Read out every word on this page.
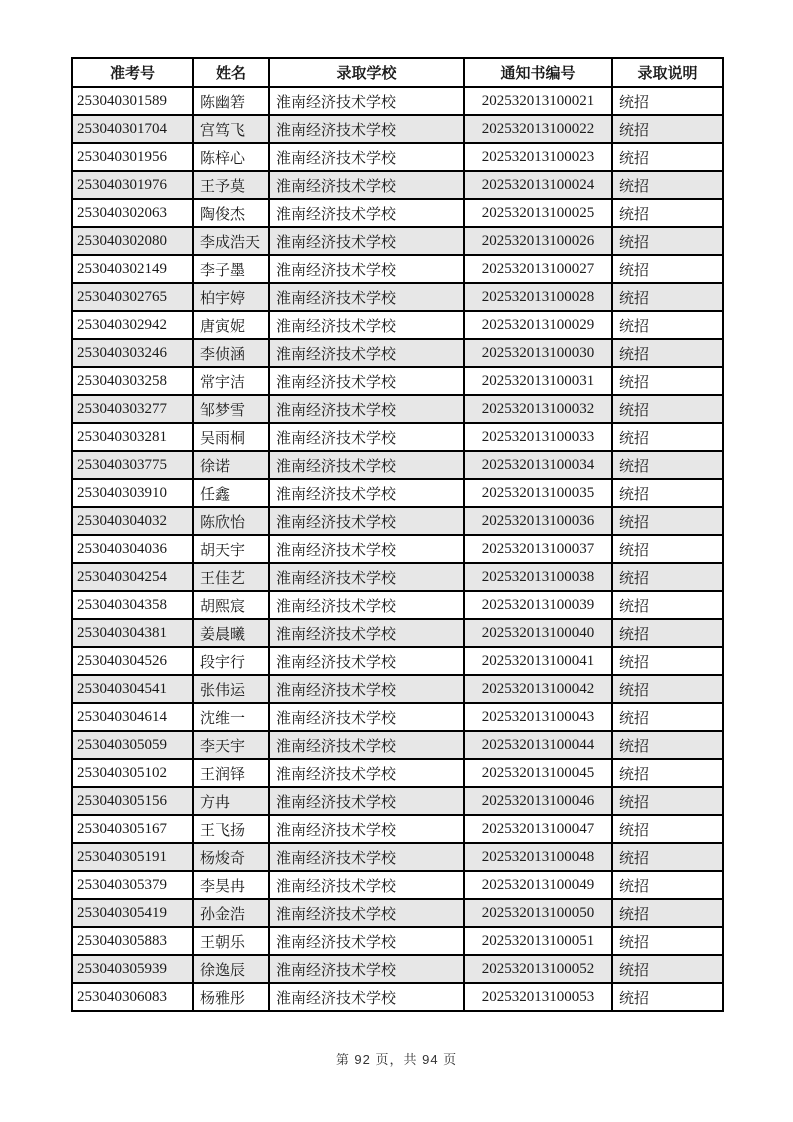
准考号	姓名	录取学校	通知书编号	录取说明
253040301589	陈幽箬	淮南经济技术学校	202532013100021	统招
253040301704	宫笃飞	淮南经济技术学校	202532013100022	统招
253040301956	陈梓心	淮南经济技术学校	202532013100023	统招
253040301976	王予莫	淮南经济技术学校	202532013100024	统招
253040302063	陶俊杰	淮南经济技术学校	202532013100025	统招
253040302080	李成浩天	淮南经济技术学校	202532013100026	统招
253040302149	李子墨	淮南经济技术学校	202532013100027	统招
253040302765	柏宇婷	淮南经济技术学校	202532013100028	统招
253040302942	唐寅妮	淮南经济技术学校	202532013100029	统招
253040303246	李侦涵	淮南经济技术学校	202532013100030	统招
253040303258	常宇洁	淮南经济技术学校	202532013100031	统招
253040303277	邹梦雪	淮南经济技术学校	202532013100032	统招
253040303281	吴雨桐	淮南经济技术学校	202532013100033	统招
253040303775	徐诺	淮南经济技术学校	202532013100034	统招
253040303910	任鑫	淮南经济技术学校	202532013100035	统招
253040304032	陈欣怡	淮南经济技术学校	202532013100036	统招
253040304036	胡天宇	淮南经济技术学校	202532013100037	统招
253040304254	王佳艺	淮南经济技术学校	202532013100038	统招
253040304358	胡熙宸	淮南经济技术学校	202532013100039	统招
253040304381	姜晨曦	淮南经济技术学校	202532013100040	统招
253040304526	段宇行	淮南经济技术学校	202532013100041	统招
253040304541	张伟运	淮南经济技术学校	202532013100042	统招
253040304614	沈维一	淮南经济技术学校	202532013100043	统招
253040305059	李天宇	淮南经济技术学校	202532013100044	统招
253040305102	王润铎	淮南经济技术学校	202532013100045	统招
253040305156	方冉	淮南经济技术学校	202532013100046	统招
253040305167	王飞扬	淮南经济技术学校	202532013100047	统招
253040305191	杨焌奇	淮南经济技术学校	202532013100048	统招
253040305379	李昊冉	淮南经济技术学校	202532013100049	统招
253040305419	孙金浩	淮南经济技术学校	202532013100050	统招
253040305883	王朝乐	淮南经济技术学校	202532013100051	统招
253040305939	徐逸辰	淮南经济技术学校	202532013100052	统招
253040306083	杨雅彤	淮南经济技术学校	202532013100053	统招
第 92 页，共 94 页
